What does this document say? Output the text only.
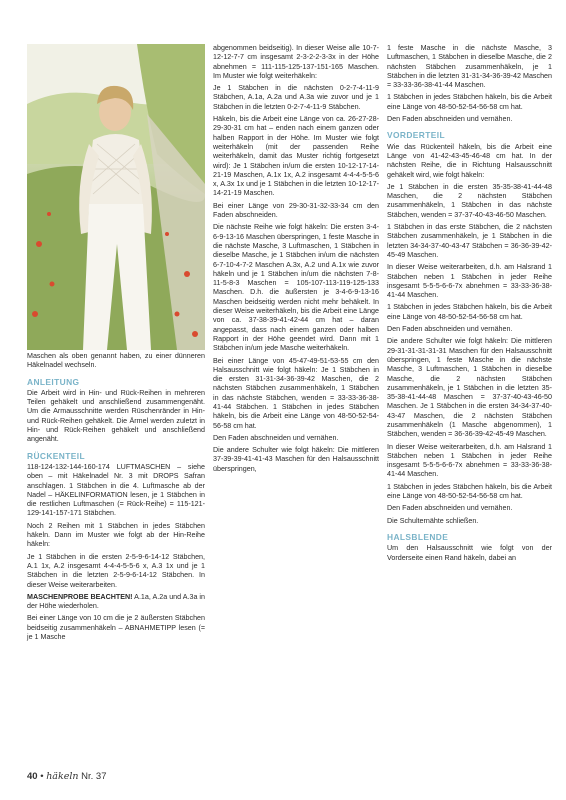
Maschen als oben genannt haben, zu einer dünneren Häkelnadel wechseln.

ANLEITUNG

Die Arbeit wird in Hin- und Rück-Reihen in mehreren Teilen gehäkelt und anschließend zusammengenäht. Um die Armausschnitte werden Rüschenränder in Hin- und Rück-Reihen gehäkelt. Die Ärmel werden zuletzt in Hin- und Rück-Reihen gehäkelt und anschließend angenäht.

RÜCKENTEIL

118-124-132-144-160-174 LUFTMASCHEN – siehe oben – mit Häkelnadel Nr. 3 mit DROPS Safran anschlagen. 1 Stäbchen in die 4. Luftmasche ab der Nadel – HÄKELINFORMATION lesen, je 1 Stäbchen in die restlichen Luftmaschen (= Rück-Reihe) = 115-121-129-141-157-171 Stäbchen.

Noch 2 Reihen mit 1 Stäbchen in jedes Stäbchen häkeln. Dann im Muster wie folgt ab der Hin-Reihe häkeln:

Je 1 Stäbchen in die ersten 2-5-9-6-14-12 Stäbchen, A.1 1x, A.2 insgesamt 4-4-4-5-5-6 x, A.3 1x und je 1 Stäbchen in die letzten 2-5-9-6-14-12 Stäbchen. In dieser Weise weiterarbeiten.

MASCHENPROBE BEACHTEN! A.1a, A.2a und A.3a in der Höhe wiederholen.

Bei einer Länge von 10 cm die je 2 äußersten Stäbchen beidseitig zusammenhäkeln – ABNAHMETIPP lesen (= je 1 Masche

abgenommen beidseitig). In dieser Weise alle 10-7-12-12-7-7 cm insgesamt 2-3-2-2-3-3x in der Höhe abnehmen = 111-115-125-137-151-165 Maschen. Im Muster wie folgt weiterhäkeln:

Je 1 Stäbchen in die nächsten 0-2-7-4-11-9 Stäbchen, A.1a, A.2a und A.3a wie zuvor und je 1 Stäbchen in die letzten 0-2-7-4-11-9 Stäbchen.

Häkeln, bis die Arbeit eine Länge von ca. 26-27-28-29-30-31 cm hat – enden nach einem ganzen oder halben Rapport in der Höhe. Im Muster wie folgt weiterhäkeln (mit der passenden Reihe weiterhäkeln, damit das Muster richtig fortgesetzt wird): Je 1 Stäbchen in/um die ersten 10-12-17-14-21-19 Maschen, A.1x 1x, A.2 insgesamt 4-4-4-5-5-6 x, A.3x 1x und je 1 Stäbchen in die letzten 10-12-17-14-21-19 Maschen.

Bei einer Länge von 29-30-31-32-33-34 cm den Faden abschneiden.

Die nächste Reihe wie folgt häkeln: Die ersten 3-4-6-9-13-16 Maschen überspringen, 1 feste Masche in die nächste Masche, 3 Luftmaschen, 1 Stäbchen in dieselbe Masche, je 1 Stäbchen in/um die nächsten 6-7-10-4-7-2 Maschen A.3x, A.2 und A.1x wie zuvor häkeln und je 1 Stäbchen in/um die nächsten 7-8-11-5-8-3 Maschen = 105-107-113-119-125-133 Maschen. D.h. die äußersten je 3-4-6-9-13-16 Maschen beidseitig werden nicht mehr behäkelt. In dieser Weise weiterhäkeln, bis die Arbeit eine Länge von ca. 37-38-39-41-42-44 cm hat – daran angepasst, dass nach einem ganzen oder halben Rapport in der Höhe geendet wird. Dann mit 1 Stäbchen in/um jede Masche weiterhäkeln.

Bei einer Länge von 45-47-49-51-53-55 cm den Halsausschnitt wie folgt häkeln: Je 1 Stäbchen in die ersten 31-31-34-36-39-42 Maschen, die 2 nächsten Stäbchen zusammenhäkeln, 1 Stäbchen in das nächste Stäbchen, wenden = 33-33-36-38-41-44 Stäbchen. 1 Stäbchen in jedes Stäbchen häkeln, bis die Arbeit eine Länge von 48-50-52-54-56-58 cm hat.

Den Faden abschneiden und vernähen.

Die andere Schulter wie folgt häkeln: Die mittleren 37-39-39-41-41-43 Maschen für den Halsausschnitt überspringen,

1 feste Masche in die nächste Masche, 3 Luftmaschen, 1 Stäbchen in dieselbe Masche, die 2 nächsten Stäbchen zusammenhäkeln, je 1 Stäbchen in die letzten 31-31-34-36-39-42 Maschen = 33-33-36-38-41-44 Maschen.

1 Stäbchen in jedes Stäbchen häkeln, bis die Arbeit eine Länge von 48-50-52-54-56-58 cm hat.

Den Faden abschneiden und vernähen.

VORDERTEIL

Wie das Rückenteil häkeln, bis die Arbeit eine Länge von 41-42-43-45-46-48 cm hat. In der nächsten Reihe, die in Richtung Halsausschnitt gehäkelt wird, wie folgt häkeln:

Je 1 Stäbchen in die ersten 35-35-38-41-44-48 Maschen, die 2 nächsten Stäbchen zusammenhäkeln, 1 Stäbchen in das nächste Stäbchen, wenden = 37-37-40-43-46-50 Maschen.

1 Stäbchen in das erste Stäbchen, die 2 nächsten Stäbchen zusammenhäkeln, je 1 Stäbchen in die letzten 34-34-37-40-43-47 Stäbchen = 36-36-39-42-45-49 Maschen.

In dieser Weise weiterarbeiten, d.h. am Halsrand 1 Stäbchen neben 1 Stäbchen in jeder Reihe insgesamt 5-5-5-6-6-7x abnehmen = 33-33-36-38-41-44 Maschen.

1 Stäbchen in jedes Stäbchen häkeln, bis die Arbeit eine Länge von 48-50-52-54-56-58 cm hat.

Den Faden abschneiden und vernähen.

Die andere Schulter wie folgt häkeln: Die mittleren 29-31-31-31-31-31 Maschen für den Halsausschnitt überspringen, 1 feste Masche in die nächste Masche, 3 Luftmaschen, 1 Stäbchen in dieselbe Masche, die 2 nächsten Stäbchen zusammenhäkeln, je 1 Stäbchen in die letzten 35-35-38-41-44-48 Maschen = 37-37-40-43-46-50 Maschen. Je 1 Stäbchen in die ersten 34-34-37-40-43-47 Maschen, die 2 nächsten Stäbchen zusammenhäkeln (1 Masche abgenommen), 1 Stäbchen, wenden = 36-36-39-42-45-49 Maschen.

In dieser Weise weiterarbeiten, d.h. am Halsrand 1 Stäbchen neben 1 Stäbchen in jeder Reihe insgesamt 5-5-5-6-6-7x abnehmen = 33-33-36-38-41-44 Maschen.

1 Stäbchen in jedes Stäbchen häkeln, bis die Arbeit eine Länge von 48-50-52-54-56-58 cm hat.

Den Faden abschneiden und vernähen.

Die Schulternähte schließen.

HALSBLENDE

Um den Halsausschnitt wie folgt von der Vorderseite einen Rand häkeln, dabei an

40 • häkeln Nr. 37
